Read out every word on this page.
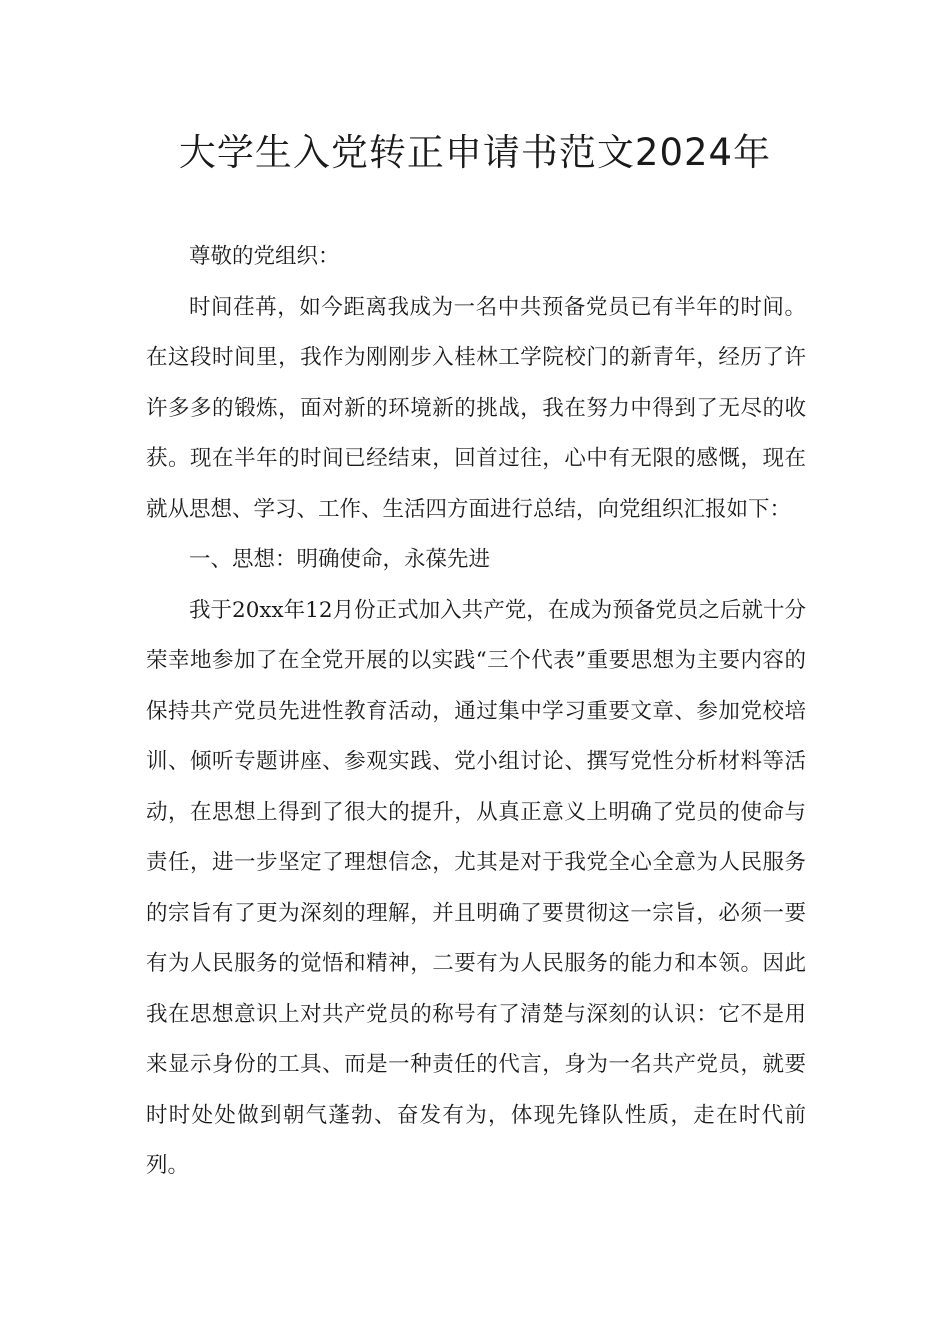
大学生入党转正申请书范文2024年

尊敬的党组织：

时间荏苒，如今距离我成为一名中共预备党员已有半年的时间。在这段时间里，我作为刚刚步入桂林工学院校门的新青年，经历了许许多多的锻炼，面对新的环境新的挑战，我在努力中得到了无尽的收获。现在半年的时间已经结束，回首过往，心中有无限的感慨，现在就从思想、学习、工作、生活四方面进行总结，向党组织汇报如下：

一、思想：明确使命，永葆先进

我于20xx年12月份正式加入共产党，在成为预备党员之后就十分荣幸地参加了在全党开展的以实践“三个代表”重要思想为主要内容的保持共产党员先进性教育活动，通过集中学习重要文章、参加党校培训、倾听专题讲座、参观实践、党小组讨论、撰写党性分析材料等活动，在思想上得到了很大的提升，从真正意义上明确了党员的使命与责任，进一步坚定了理想信念，尤其是对于我党全心全意为人民服务的宗旨有了更为深刻的理解，并且明确了要贯彻这一宗旨，必须一要有为人民服务的觉悟和精神，二要有为人民服务的能力和本领。因此我在思想意识上对共产党员的称号有了清楚与深刻的认识：它不是用来显示身份的工具、而是一种责任的代言，身为一名共产党员，就要时时处处做到朝气蓬勃、奋发有为，体现先锋队性质，走在时代前列。
